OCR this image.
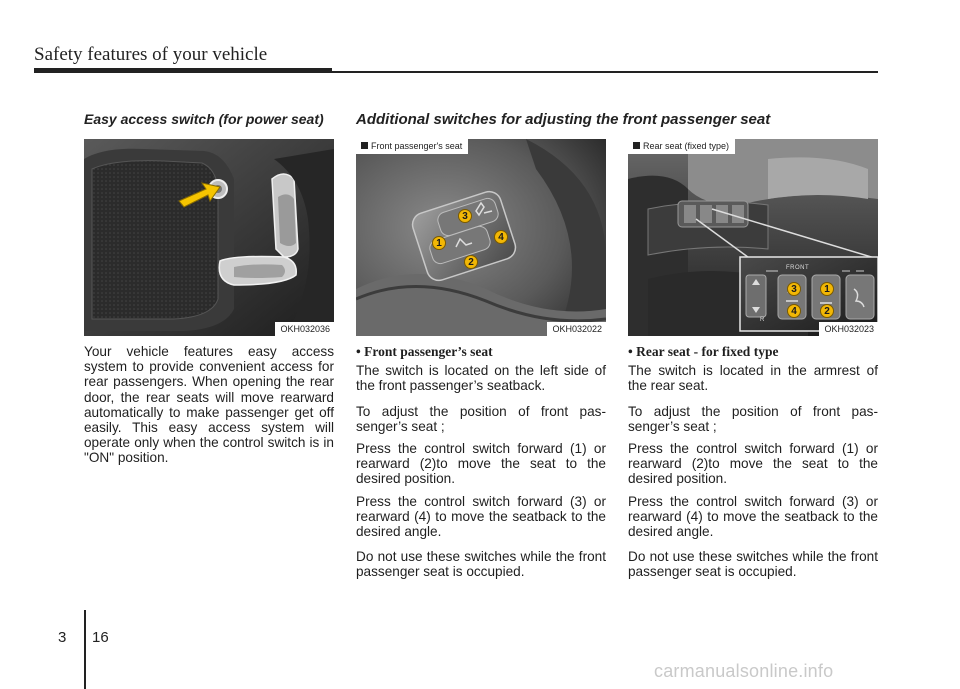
Safety features of your vehicle
Easy access switch (for power seat) Additional switches for adjusting the front passenger seat
OKH032036
3
4
1
2
Front passenger's seat
OKH032022
FRONT
R
3	1
4	2
Rear seat (fixed type)
OKH032023

Your vehicle features easy access system to provide convenient access for rear passengers. When opening the rear door, the rear seats will move rearward automatically to make passenger get off easily. This easy access system will operate only when the control switch is in "ON" position.

• Front passenger’s seat

The switch is located on the left side of the front passenger’s seatback.

To adjust the position of front pas- senger’s seat ;

Press the control switch forward (1) or rearward (2)to move the seat to the desired position.

Press the control switch forward (3) or rearward (4) to move the seatback to the desired angle.

Do not use these switches while the front passenger seat is occupied.

• Rear seat - for fixed type

The switch is located in the armrest of the rear seat.

To adjust the position of front pas- senger’s seat ;

Press the control switch forward (1) or rearward (2)to move the seat to the desired position.

Press the control switch forward (3) or rearward (4) to move the seatback to the desired angle.

Do not use these switches while the front passenger seat is occupied.

3 16
carmanualsonline.info
